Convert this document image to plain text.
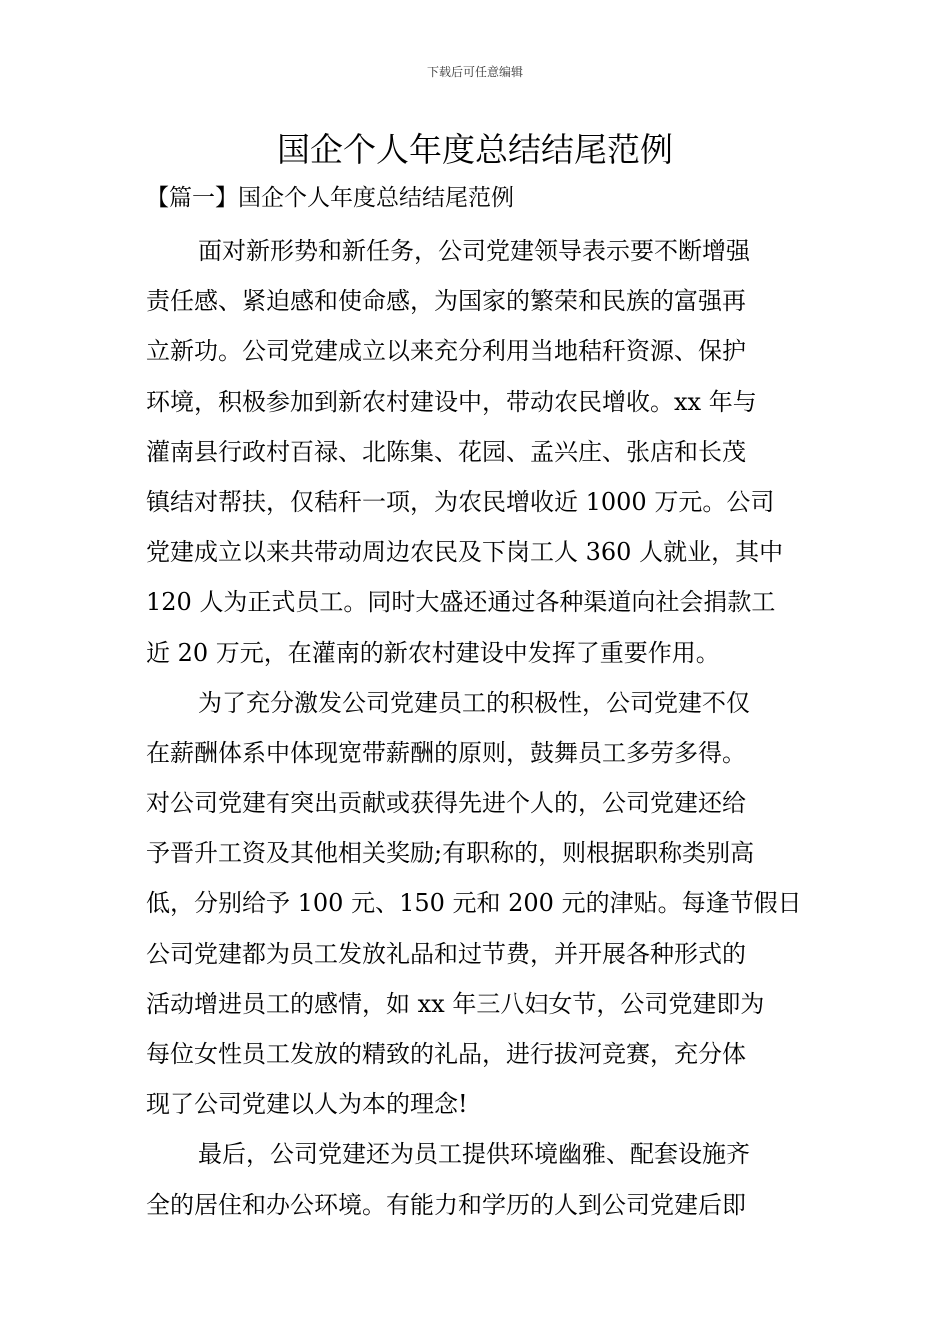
下载后可任意编辑
国企个人年度总结结尾范例
【篇一】国企个人年度总结结尾范例
面对新形势和新任务，公司党建领导表示要不断增强
责任感、紧迫感和使命感，为国家的繁荣和民族的富强再
立新功。公司党建成立以来充分利用当地秸秆资源、保护
环境，积极参加到新农村建设中，带动农民增收。xx 年与
灌南县行政村百禄、北陈集、花园、孟兴庄、张店和长茂
镇结对帮扶，仅秸秆一项，为农民增收近 1000 万元。公司
党建成立以来共带动周边农民及下岗工人 360 人就业，其中
120 人为正式员工。同时大盛还通过各种渠道向社会捐款工
近 20 万元，在灌南的新农村建设中发挥了重要作用。
为了充分激发公司党建员工的积极性，公司党建不仅
在薪酬体系中体现宽带薪酬的原则，鼓舞员工多劳多得。
对公司党建有突出贡献或获得先进个人的，公司党建还给
予晋升工资及其他相关奖励;有职称的，则根据职称类别高
低，分别给予 100 元、150 元和 200 元的津贴。每逢节假日
公司党建都为员工发放礼品和过节费，并开展各种形式的
活动增进员工的感情，如 xx 年三八妇女节，公司党建即为
每位女性员工发放的精致的礼品，进行拔河竞赛，充分体
现了公司党建以人为本的理念!
最后，公司党建还为员工提供环境幽雅、配套设施齐
全的居住和办公环境。有能力和学历的人到公司党建后即
